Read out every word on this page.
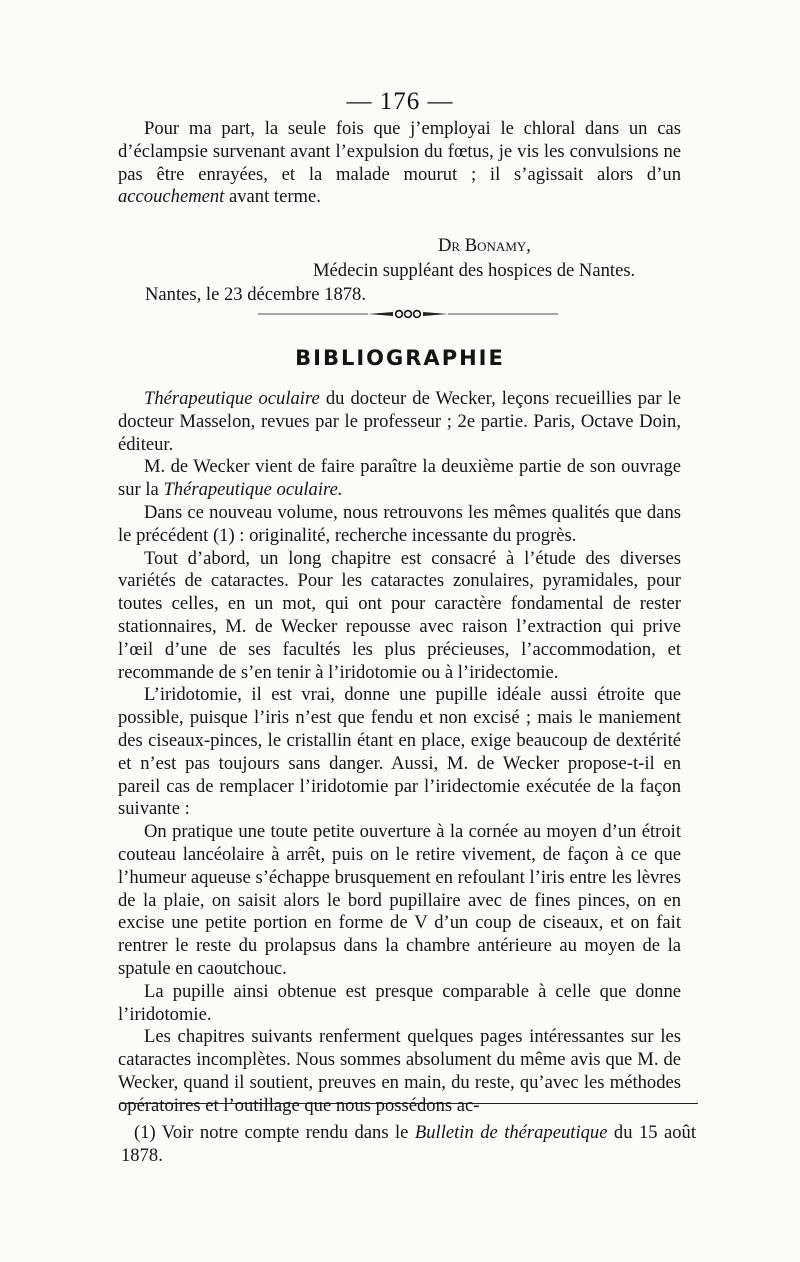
— 176 —

Pour ma part, la seule fois que j’employai le chloral dans un cas d’éclampsie survenant avant l’expulsion du fœtus, je vis les convulsions ne pas être enrayées, et la malade mourut ; il s’agissait alors d’un accouchement avant terme.

Dr Bonamy,
Médecin suppléant des hospices de Nantes.
Nantes, le 23 décembre 1878.
BIBLIOGRAPHIE

Thérapeutique oculaire du docteur de Wecker, leçons recueillies par le docteur Masselon, revues par le professeur ; 2e partie. Paris, Octave Doin, éditeur.

M. de Wecker vient de faire paraître la deuxième partie de son ouvrage sur la Thérapeutique oculaire.

Dans ce nouveau volume, nous retrouvons les mêmes qualités que dans le précédent (1) : originalité, recherche incessante du progrès.

Tout d’abord, un long chapitre est consacré à l’étude des diverses variétés de cataractes. Pour les cataractes zonulaires, pyramidales, pour toutes celles, en un mot, qui ont pour caractère fondamental de rester stationnaires, M. de Wecker repousse avec raison l’extraction qui prive l’œil d’une de ses facultés les plus précieuses, l’accommodation, et recommande de s’en tenir à l’iridotomie ou à l’iridectomie.

L’iridotomie, il est vrai, donne une pupille idéale aussi étroite que possible, puisque l’iris n’est que fendu et non excisé ; mais le maniement des ciseaux-pinces, le cristallin étant en place, exige beaucoup de dextérité et n’est pas toujours sans danger. Aussi, M. de Wecker propose-t-il en pareil cas de remplacer l’iridotomie par l’iridectomie exécutée de la façon suivante :

On pratique une toute petite ouverture à la cornée au moyen d’un étroit couteau lancéolaire à arrêt, puis on le retire vivement, de façon à ce que l’humeur aqueuse s’échappe brusquement en refoulant l’iris entre les lèvres de la plaie, on saisit alors le bord pupillaire avec de fines pinces, on en excise une petite portion en forme de V d’un coup de ciseaux, et on fait rentrer le reste du prolapsus dans la chambre antérieure au moyen de la spatule en caoutchouc.

La pupille ainsi obtenue est presque comparable à celle que donne l’iridotomie.

Les chapitres suivants renferment quelques pages intéressantes sur les cataractes incomplètes. Nous sommes absolument du même avis que M. de Wecker, quand il soutient, preuves en main, du reste, qu’avec les méthodes opératoires et l’outillage que nous possédons ac-

(1) Voir notre compte rendu dans le Bulletin de thérapeutique du 15 août 1878.
